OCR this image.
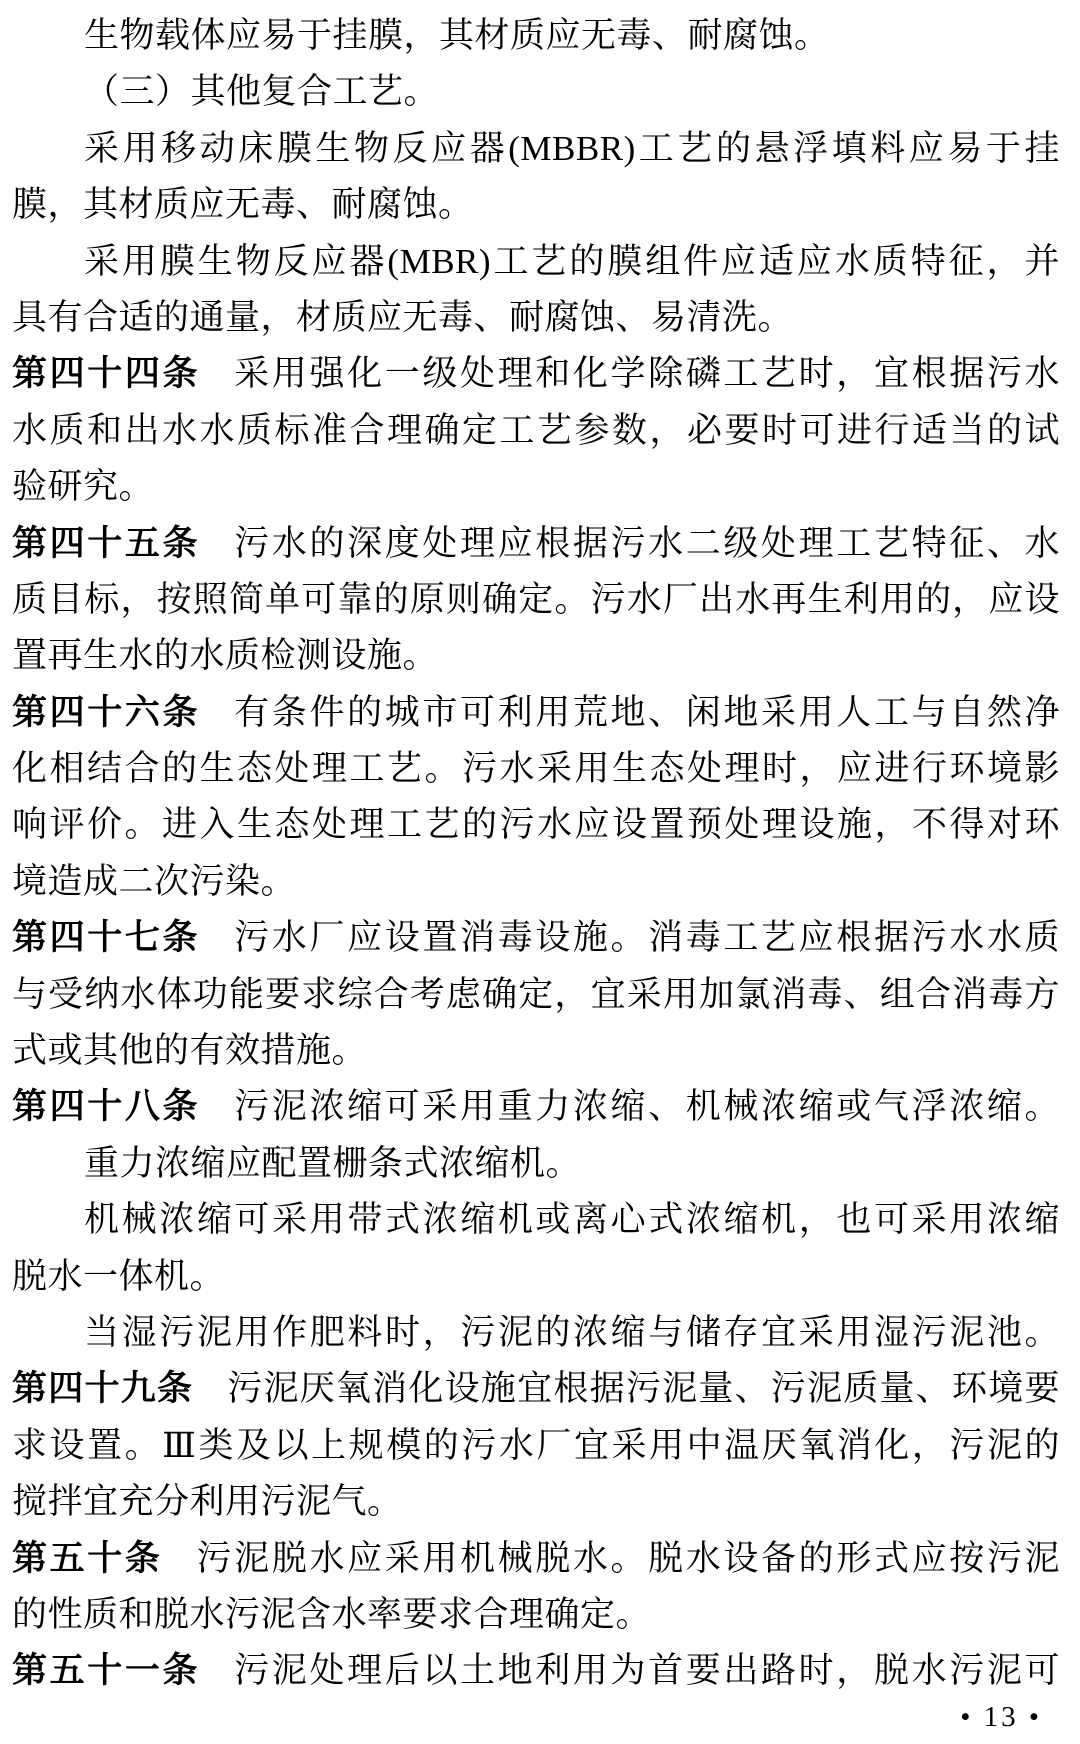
生物载体应易于挂膜，其材质应无毒、耐腐蚀。
（三）其他复合工艺。
采用移动床膜生物反应器(MBBR)工艺的悬浮填料应易于挂
膜，其材质应无毒、耐腐蚀。
采用膜生物反应器(MBR)工艺的膜组件应适应水质特征，并
具有合适的通量，材质应无毒、耐腐蚀、易清洗。
第四十四条 采用强化一级处理和化学除磷工艺时，宜根据污水
水质和出水水质标准合理确定工艺参数，必要时可进行适当的试
验研究。
第四十五条 污水的深度处理应根据污水二级处理工艺特征、水
质目标，按照简单可靠的原则确定。污水厂出水再生利用的，应设
置再生水的水质检测设施。
第四十六条 有条件的城市可利用荒地、闲地采用人工与自然净
化相结合的生态处理工艺。污水采用生态处理时，应进行环境影
响评价。进入生态处理工艺的污水应设置预处理设施，不得对环
境造成二次污染。
第四十七条 污水厂应设置消毒设施。消毒工艺应根据污水水质
与受纳水体功能要求综合考虑确定，宜采用加氯消毒、组合消毒方
式或其他的有效措施。
第四十八条 污泥浓缩可采用重力浓缩、机械浓缩或气浮浓缩。
重力浓缩应配置栅条式浓缩机。
机械浓缩可采用带式浓缩机或离心式浓缩机，也可采用浓缩
脱水一体机。
当湿污泥用作肥料时，污泥的浓缩与储存宜采用湿污泥池。
第四十九条 污泥厌氧消化设施宜根据污泥量、污泥质量、环境要
求设置。Ⅲ类及以上规模的污水厂宜采用中温厌氧消化，污泥的
搅拌宜充分利用污泥气。
第五十条 污泥脱水应采用机械脱水。脱水设备的形式应按污泥
的性质和脱水污泥含水率要求合理确定。
第五十一条 污泥处理后以土地利用为首要出路时，脱水污泥可
• 13 •
